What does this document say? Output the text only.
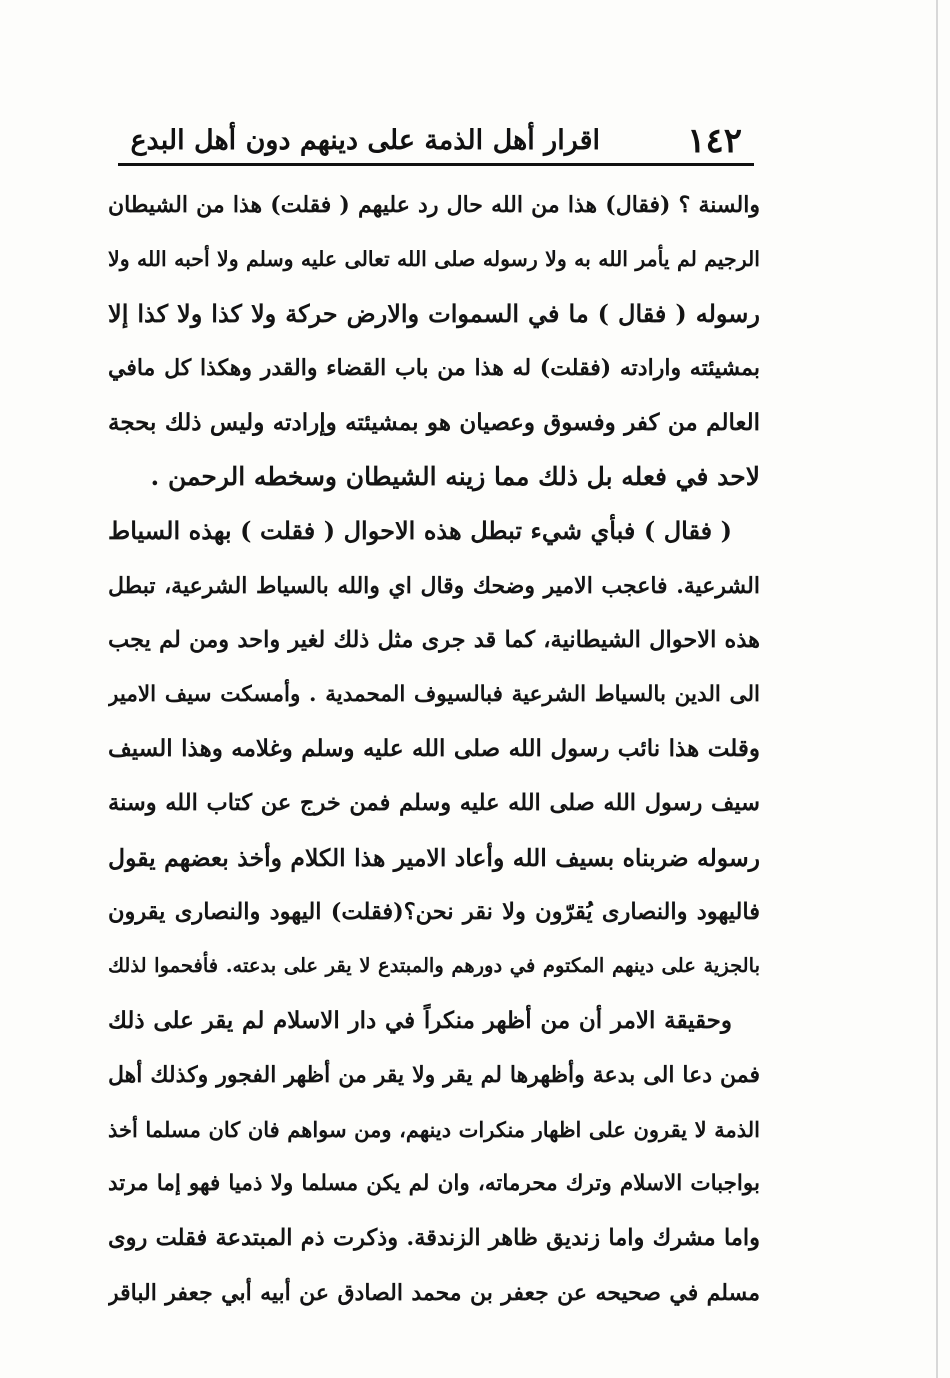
١٤٢
اقرار أهل الذمة على دينهم دون أهل البدع
والسنة ؟ (فقال) هذا من الله حال رد عليهم ( فقلت) هذا من الشيطان
الرجيم لم يأمر الله به ولا رسوله صلى الله تعالى عليه وسلم ولا أحبه الله ولا
رسوله ( فقال ) ما في السموات والارض حركة ولا كذا ولا كذا إلا
بمشيئته وارادته (فقلت) له هذا من باب القضاء والقدر وهكذا كل مافي
العالم من كفر وفسوق وعصيان هو بمشيئته وإرادته وليس ذلك بحجة
لاحد في فعله بل ذلك مما زينه الشيطان وسخطه الرحمن .
( فقال ) فبأي شيء تبطل هذه الاحوال ( فقلت ) بهذه السياط
الشرعية. فاعجب الامير وضحك وقال اي والله بالسياط الشرعية، تبطل
هذه الاحوال الشيطانية، كما قد جرى مثل ذلك لغير واحد ومن لم يجب
الى الدين بالسياط الشرعية فبالسيوف المحمدية . وأمسكت سيف الامير
وقلت هذا نائب رسول الله صلى الله عليه وسلم وغلامه وهذا السيف
سيف رسول الله صلى الله عليه وسلم فمن خرج عن كتاب الله وسنة
رسوله ضربناه بسيف الله وأعاد الامير هذا الكلام وأخذ بعضهم يقول
فاليهود والنصارى يُقرّون ولا نقر نحن؟(فقلت) اليهود والنصارى يقرون
بالجزية على دينهم المكتوم في دورهم والمبتدع لا يقر على بدعته. فأفحموا لذلك
وحقيقة الامر أن من أظهر منكراً في دار الاسلام لم يقر على ذلك
فمن دعا الى بدعة وأظهرها لم يقر ولا يقر من أظهر الفجور وكذلك أهل
الذمة لا يقرون على اظهار منكرات دينهم، ومن سواهم فان كان مسلما أخذ
بواجبات الاسلام وترك محرماته، وان لم يكن مسلما ولا ذميا فهو إما مرتد
واما مشرك واما زنديق ظاهر الزندقة. وذكرت ذم المبتدعة فقلت روى
مسلم في صحيحه عن جعفر بن محمد الصادق عن أبيه أبي جعفر الباقر
